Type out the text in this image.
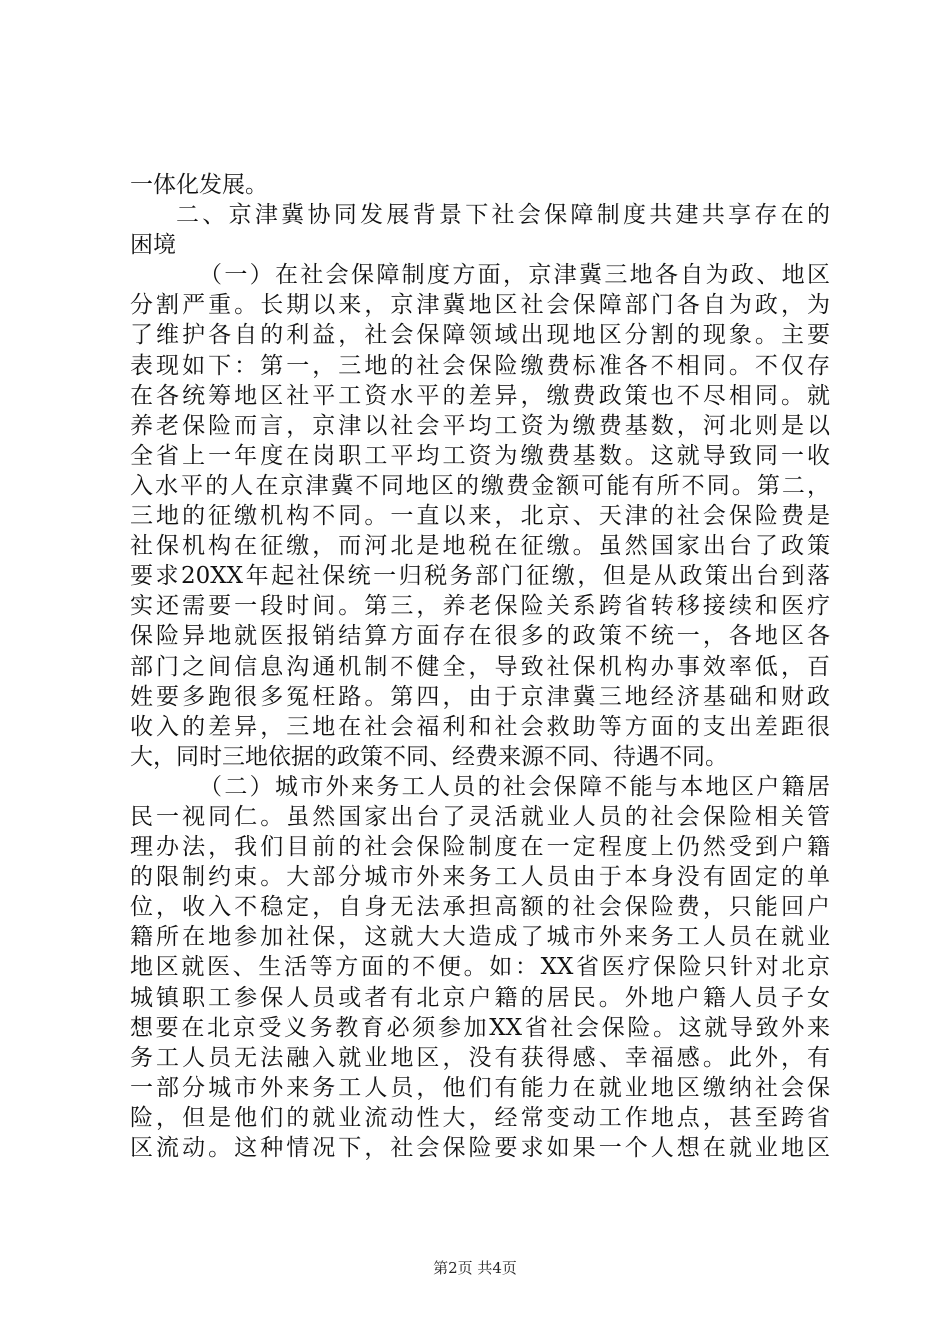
一体化发展。
二、京津冀协同发展背景下社会保障制度共建共享存在的
困境
（一）在社会保障制度方面，京津冀三地各自为政、地区
分割严重。长期以来，京津冀地区社会保障部门各自为政，为
了维护各自的利益，社会保障领域出现地区分割的现象。主要
表现如下：第一，三地的社会保险缴费标准各不相同。不仅存
在各统筹地区社平工资水平的差异，缴费政策也不尽相同。就
养老保险而言，京津以社会平均工资为缴费基数，河北则是以
全省上一年度在岗职工平均工资为缴费基数。这就导致同一收
入水平的人在京津冀不同地区的缴费金额可能有所不同。第二，
三地的征缴机构不同。一直以来，北京、天津的社会保险费是
社保机构在征缴，而河北是地税在征缴。虽然国家出台了政策
要求20XX年起社保统一归税务部门征缴，但是从政策出台到落
实还需要一段时间。第三，养老保险关系跨省转移接续和医疗
保险异地就医报销结算方面存在很多的政策不统一，各地区各
部门之间信息沟通机制不健全，导致社保机构办事效率低，百
姓要多跑很多冤枉路。第四，由于京津冀三地经济基础和财政
收入的差异，三地在社会福利和社会救助等方面的支出差距很
大，同时三地依据的政策不同、经费来源不同、待遇不同。
（二）城市外来务工人员的社会保障不能与本地区户籍居
民一视同仁。虽然国家出台了灵活就业人员的社会保险相关管
理办法，我们目前的社会保险制度在一定程度上仍然受到户籍
的限制约束。大部分城市外来务工人员由于本身没有固定的单
位，收入不稳定，自身无法承担高额的社会保险费，只能回户
籍所在地参加社保，这就大大造成了城市外来务工人员在就业
地区就医、生活等方面的不便。如：XX省医疗保险只针对北京
城镇职工参保人员或者有北京户籍的居民。外地户籍人员子女
想要在北京受义务教育必须参加XX省社会保险。这就导致外来
务工人员无法融入就业地区，没有获得感、幸福感。此外，有
一部分城市外来务工人员，他们有能力在就业地区缴纳社会保
险，但是他们的就业流动性大，经常变动工作地点，甚至跨省
区流动。这种情况下，社会保险要求如果一个人想在就业地区
第2页 共4页
